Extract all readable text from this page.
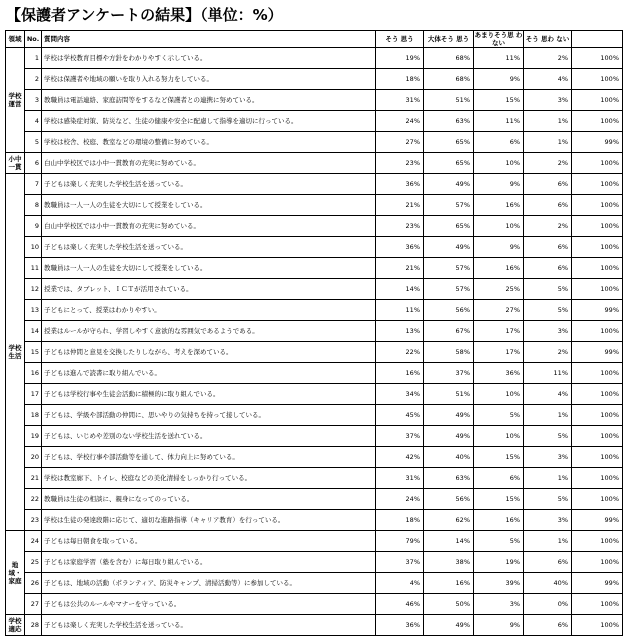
【保護者アンケートの結果】（単位：%）
領域	No.	質問内容	そう 思う	大体そう 思う	あまりそう思 わない	そう 思わ ない	
学校運営	1	学校は学校教育目標や方針をわかりやすく示している。	19%	68%	11%	2%	100%
	2	学校は保護者や地域の願いを取り入れる努力をしている。	18%	68%	9%	4%	100%
	3	教職員は電話連絡、家庭訪問等をするなど保護者との連携に努めている。	31%	51%	15%	3%	100%
	4	学校は感染症対策、防災など、生徒の健康や安全に配慮して指導を適切に行っている。	24%	63%	11%	1%	100%
	5	学校は校舎、校庭、教室などの環境の整備に努めている。	27%	65%	6%	1%	99%
小中一貫	6	白山中学校区では小中一貫教育の充実に努めている。	23%	65%	10%	2%	100%
学校生活	7	子どもは楽しく充実した学校生活を送っている。	36%	49%	9%	6%	100%
	8	教職員は一人一人の生徒を大切にして授業をしている。	21%	57%	16%	6%	100%
	9	白山中学校区では小中一貫教育の充実に努めている。	23%	65%	10%	2%	100%
	10	子どもは楽しく充実した学校生活を送っている。	36%	49%	9%	6%	100%
	11	教職員は一人一人の生徒を大切にして授業をしている。	21%	57%	16%	6%	100%
	12	授業では、タブレット、ＩＣＴが活用されている。	14%	57%	25%	5%	100%
	13	子どもにとって、授業はわかりやすい。	11%	56%	27%	5%	99%
	14	授業はルールが守られ、学習しやすく意欲的な雰囲気であるようである。	13%	67%	17%	3%	100%
	15	子どもは仲間と意見を交換したりしながら、考えを深めている。	22%	58%	17%	2%	99%
	16	子どもは進んで読書に取り組んでいる。	16%	37%	36%	11%	100%
	17	子どもは学校行事や生徒会活動に積極的に取り組んでいる。	34%	51%	10%	4%	100%
	18	子どもは、学級や部活動の仲間に、思いやりの気持ちを持って接している。	45%	49%	5%	1%	100%
	19	子どもは、いじめや差別のない学校生活を送れている。	37%	49%	10%	5%	100%
	20	子どもは、学校行事や部活動等を通して、体力向上に努めている。	42%	40%	15%	3%	100%
	21	学校は教室廊下、トイレ、校庭などの美化清掃をしっかり行っている。	31%	63%	6%	1%	100%
	22	教職員は生徒の相談に、親身になってのっている。	24%	56%	15%	5%	100%
	23	学校は生徒の発達段階に応じて、適切な進路指導（キャリア教育）を行っている。	18%	62%	16%	3%	99%
地域・家庭	24	子どもは毎日朝食を取っている。	79%	14%	5%	1%	100%
	25	子どもは家庭学習（塾を含む）に毎日取り組んでいる。	37%	38%	19%	6%	100%
	26	子どもは、地域の活動（ボランティア、防災キャンプ、清掃活動等）に参加している。	4%	16%	39%	40%	99%
	27	子どもは公共のルールやマナーを守っている。	46%	50%	3%	0%	100%
学校適応	28	子どもは楽しく充実した学校生活を送っている。	36%	49%	9%	6%	100%
